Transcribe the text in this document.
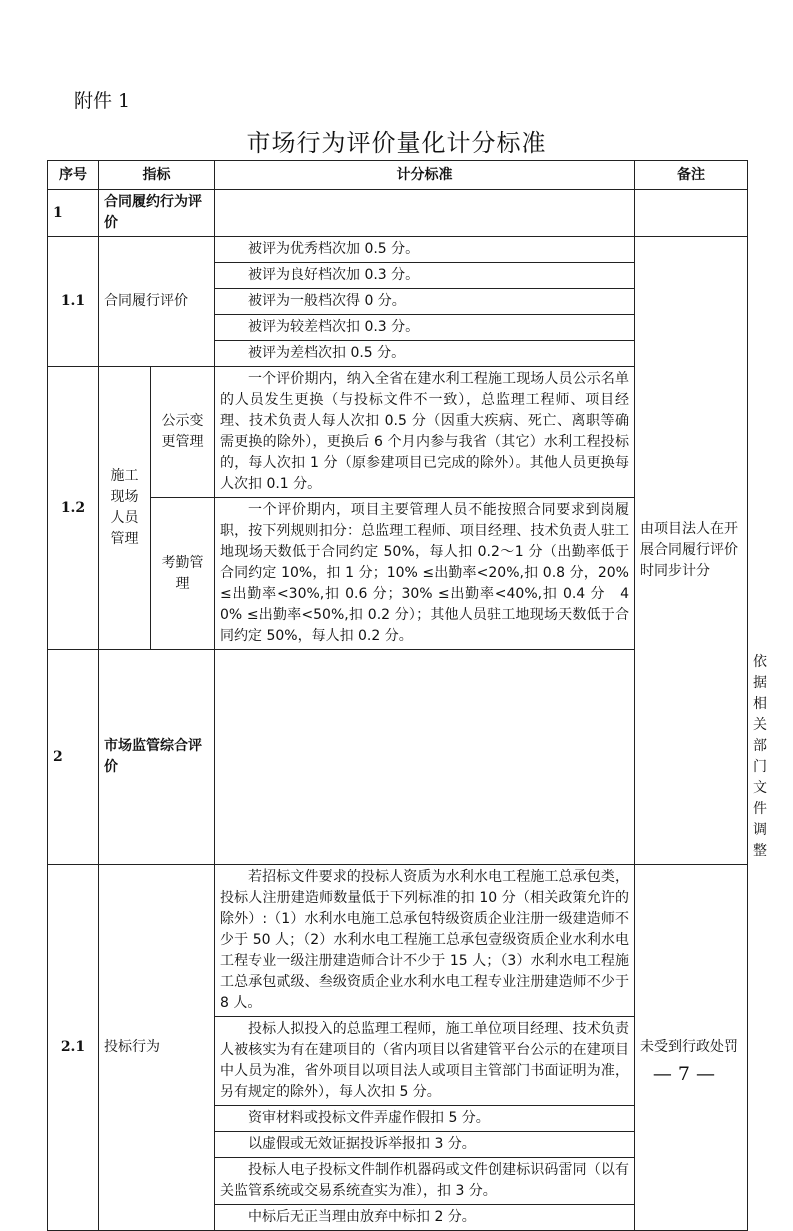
附件 1
市场行为评价量化计分标准
序号	指标		计分标准	备注	
1	合同履约行为评价				
1.1	合同履行评价		被评为优秀档次加 0.5 分。	由项目法人在开展合同履行评价时同步计分	
			被评为良好档次加 0.3 分。		
			被评为一般档次得 0 分。		
			被评为较差档次扣 0.3 分。		
			被评为差档次扣 0.5 分。		
1.2	施工现场人员管理	公示变更管理	一个评价期内，纳入全省在建水利工程施工现场人员公示名单的人员发生更换（与投标文件不一致），总监理工程师、项目经理、技术负责人每人次扣 0.5 分（因重大疾病、死亡、离职等确需更换的除外），更换后 6 个月内参与我省（其它）水利工程投标的，每人次扣 1 分（原参建项目已完成的除外）。其他人员更换每人次扣 0.1 分。		
		考勤管理	一个评价期内，项目主要管理人员不能按照合同要求到岗履职，按下列规则扣分：总监理工程师、项目经理、技术负责人驻工地现场天数低于合同约定 50%，每人扣 0.2～1 分（出勤率低于合同约定 10%，扣 1 分；10% ≤出勤率<20%,扣 0.8 分，20% ≤出勤率<30%,扣 0.6 分；30% ≤出勤率<40%,扣 0.4 分　40% ≤出勤率<50%,扣 0.2 分）；其他人员驻工地现场天数低于合同约定 50%，每人扣 0.2 分。		
2	市场监管综合评价				依据相关部门文件调整
2.1	投标行为		若招标文件要求的投标人资质为水利水电工程施工总承包类，投标人注册建造师数量低于下列标准的扣 10 分（相关政策允许的除外）:（1）水利水电施工总承包特级资质企业注册一级建造师不少于 50 人；（2）水利水电工程施工总承包壹级资质企业水利水电工程专业一级注册建造师合计不少于 15 人；（3）水利水电工程施工总承包贰级、叁级资质企业水利水电工程专业注册建造师不少于 8 人。	未受到行政处罚	
			投标人拟投入的总监理工程师，施工单位项目经理、技术负责人被核实为有在建项目的（省内项目以省建管平台公示的在建项目中人员为准，省外项目以项目法人或项目主管部门书面证明为准，另有规定的除外），每人次扣 5 分。		
			资审材料或投标文件弄虚作假扣 5 分。		
			以虚假或无效证据投诉举报扣 3 分。		
			投标人电子投标文件制作机器码或文件创建标识码雷同（以有关监管系统或交易系统查实为准），扣 3 分。		
			中标后无正当理由放弃中标扣 2 分。		
— 7 —
